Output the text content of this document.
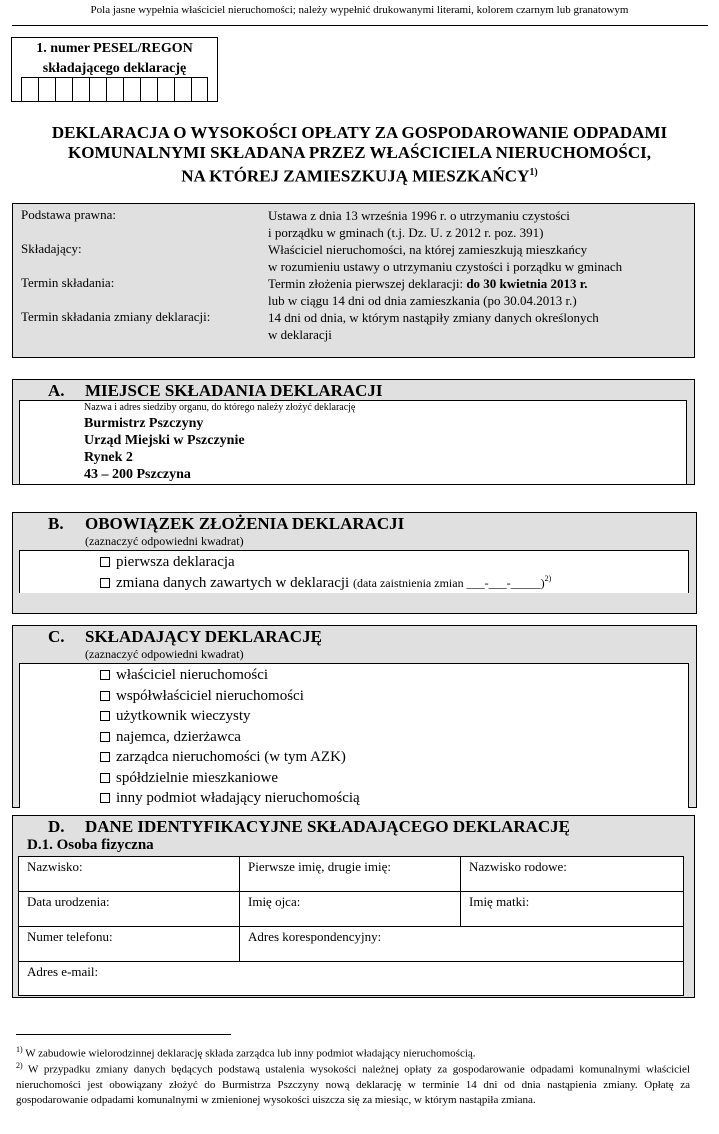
Pola jasne wypełnia właściciel nieruchomości; należy wypełnić drukowanymi literami, kolorem czarnym lub granatowym
1. numer PESEL/REGON
składającego deklarację
DEKLARACJA O WYSOKOŚCI OPŁATY ZA GOSPODAROWANIE ODPADAMI
KOMUNALNYMI SKŁADANA PRZEZ WŁAŚCICIELA NIERUCHOMOŚCI,
NA KTÓREJ ZAMIESZKUJĄ MIESZKAŃCY$^{1)}$
Podstawa prawna:	Ustawa z dnia 13 września 1996 r. o utrzymaniu czystości
i porządku w gminach (t.j. Dz. U. z 2012 r. poz. 391)
Składający:	Właściciel nieruchomości, na której zamieszkują mieszkańcy
w rozumieniu ustawy o utrzymaniu czystości i porządku w gminach
Termin składania:	Termin złożenia pierwszej deklaracji: do 30 kwietnia 2013 r.
lub w ciągu 14 dni od dnia zamieszkania (po 30.04.2013 r.)
Termin składania zmiany deklaracji:	14 dni od dnia, w którym nastąpiły zmiany danych określonych
w deklaracji
A. MIEJSCE SKŁADANIA DEKLARACJI
Nazwa i adres siedziby organu, do którego należy złożyć deklarację
Burmistrz Pszczyny
Urząd Miejski w Pszczynie
Rynek 2
43 – 200 Pszczyna
B. OBOWIĄZEK ZŁOŻENIA DEKLARACJI
(zaznaczyć odpowiedni kwadrat)
pierwsza deklaracja
zmiana danych zawartych w deklaracji (data zaistnienia zmian ___-___-_____)$^{2)}$
C. SKŁADAJĄCY DEKLARACJĘ
(zaznaczyć odpowiedni kwadrat)
właściciel nieruchomości
współwłaściciel nieruchomości
użytkownik wieczysty
najemca, dzierżawca
zarządca nieruchomości (w tym AZK)
spółdzielnie mieszkaniowe
inny podmiot władający nieruchomością
D. DANE IDENTYFIKACYJNE SKŁADAJĄCEGO DEKLARACJĘ
D.1. Osoba fizyczna
Nazwisko:	Pierwsze imię, drugie imię:	Nazwisko rodowe:
Data urodzenia:	Imię ojca:	Imię matki:
Numer telefonu:	Adres korespondencyjny:
Adres e-mail:
$^{1)}$ W zabudowie wielorodzinnej deklarację składa zarządca lub inny podmiot władający nieruchomością.
$^{2)}$ W przypadku zmiany danych będących podstawą ustalenia wysokości należnej opłaty za gospodarowanie odpadami komunalnymi właściciel nieruchomości jest obowiązany złożyć do Burmistrza Pszczyny nową deklarację w terminie 14 dni od dnia nastąpienia zmiany. Opłatę za gospodarowanie odpadami komunalnymi w zmienionej wysokości uiszcza się za miesiąc, w którym nastąpiła zmiana.
